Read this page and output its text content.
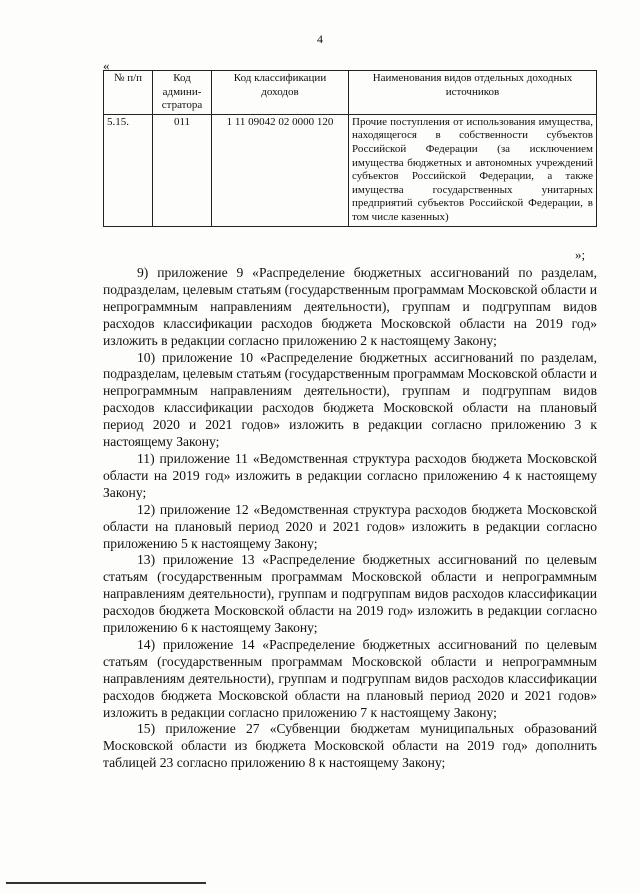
4
«
№ п/п	Код админи-стратора	Код классификации доходов	Наименования видов отдельных доходных источников
5.15.	011	1 11 09042 02 0000 120	Прочие поступления от использования имущества, находящегося в собственности субъектов Российской Федерации (за исключением имущества бюджетных и автономных учреждений субъектов Российской Федерации, а также имущества государственных унитарных предприятий субъектов Российской Федерации, в том числе казенных)
»;

9) приложение 9 «Распределение бюджетных ассигнований по разделам, подразделам, целевым статьям (государственным программам Московской области и непрограммным направлениям деятельности), группам и подгруппам видов расходов классификации расходов бюджета Московской области на 2019 год» изложить в редакции согласно приложению 2 к настоящему Закону;

10) приложение 10 «Распределение бюджетных ассигнований по разделам, подразделам, целевым статьям (государственным программам Московской области и непрограммным направлениям деятельности), группам и подгруппам видов расходов классификации расходов бюджета Московской области на плановый период 2020 и 2021 годов» изложить в редакции согласно приложению 3 к настоящему Закону;

11) приложение 11 «Ведомственная структура расходов бюджета Московской области на 2019 год» изложить в редакции согласно приложению 4 к настоящему Закону;

12) приложение 12 «Ведомственная структура расходов бюджета Московской области на плановый период 2020 и 2021 годов» изложить в редакции согласно приложению 5 к настоящему Закону;

13) приложение 13 «Распределение бюджетных ассигнований по целевым статьям (государственным программам Московской области и непрограммным направлениям деятельности), группам и подгруппам видов расходов классификации расходов бюджета Московской области на 2019 год» изложить в редакции согласно приложению 6 к настоящему Закону;

14) приложение 14 «Распределение бюджетных ассигнований по целевым статьям (государственным программам Московской области и непрограммным направлениям деятельности), группам и подгруппам видов расходов классификации расходов бюджета Московской области на плановый период 2020 и 2021 годов» изложить в редакции согласно приложению 7 к настоящему Закону;

15) приложение 27 «Субвенции бюджетам муниципальных образований Московской области из бюджета Московской области на 2019 год» дополнить таблицей 23 согласно приложению 8 к настоящему Закону;
